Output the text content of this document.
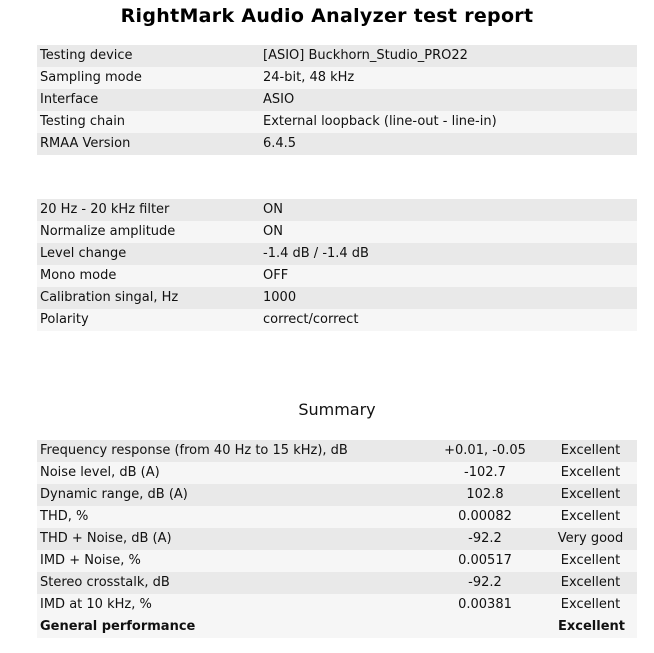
RightMark Audio Analyzer test report
Testing device	[ASIO] Buckhorn_Studio_PRO22
Sampling mode	24-bit, 48 kHz
Interface	ASIO
Testing chain	External loopback (line-out - line-in)
RMAA Version	6.4.5
20 Hz - 20 kHz filter	ON
Normalize amplitude	ON
Level change	-1.4 dB / -1.4 dB
Mono mode	OFF
Calibration singal, Hz	1000
Polarity	correct/correct
Summary
Frequency response (from 40 Hz to 15 kHz), dB	+0.01, -0.05	Excellent
Noise level, dB (A)	-102.7	Excellent
Dynamic range, dB (A)	102.8	Excellent
THD, %	0.00082	Excellent
THD + Noise, dB (A)	-92.2	Very good
IMD + Noise, %	0.00517	Excellent
Stereo crosstalk, dB	-92.2	Excellent
IMD at 10 kHz, %	0.00381	Excellent
General performance		Excellent
